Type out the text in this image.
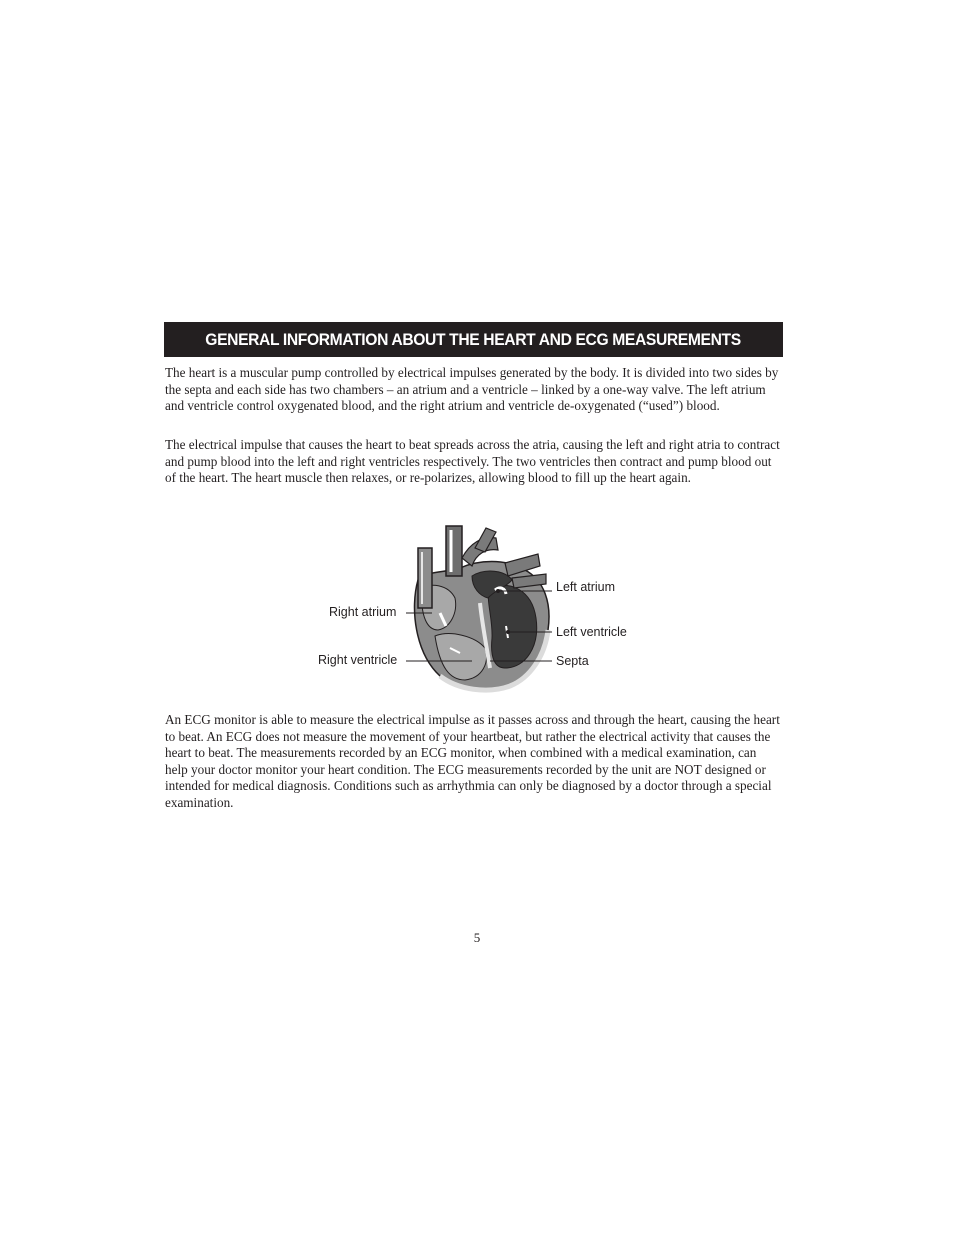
GENERAL INFORMATION ABOUT THE HEART AND ECG MEASUREMENTS

The heart is a muscular pump controlled by electrical impulses generated by the body. It is divided into two sides by the septa and each side has two chambers – an atrium and a ventricle – linked by a one-way valve. The left atrium and ventricle control oxygenated blood, and the right atrium and ventricle de-oxygenated (“used”) blood.

The electrical impulse that causes the heart to beat spreads across the atria, causing the left and right atria to contract and pump blood into the left and right ventricles respectively. The two ventricles then contract and pump blood out of the heart. The heart muscle then relaxes, or re-polarizes, allowing blood to fill up the heart again.

Right atrium
Right ventricle
Left atrium
Left ventricle
Septa

An ECG monitor is able to measure the electrical impulse as it passes across and through the heart, causing the heart to beat. An ECG does not measure the movement of your heartbeat, but rather the electrical activity that causes the heart to beat. The measurements recorded by an ECG monitor, when combined with a medical examination, can help your doctor monitor your heart condition. The ECG measurements recorded by the unit are NOT designed or intended for medical diagnosis. Conditions such as arrhythmia can only be diagnosed by a doctor through a special examination.

5
